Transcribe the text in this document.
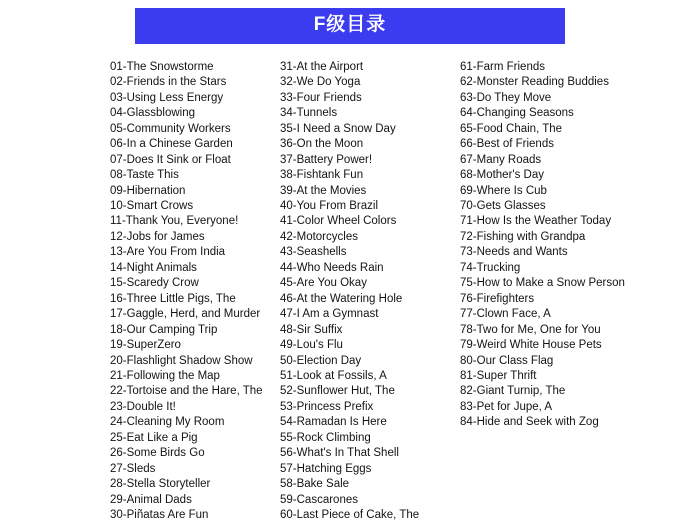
F级目录
01-The Snowstorme
02-Friends in the Stars
03-Using Less Energy
04-Glassblowing
05-Community Workers
06-In a Chinese Garden
07-Does It Sink or Float
08-Taste This
09-Hibernation
10-Smart Crows
11-Thank You, Everyone!
12-Jobs for James
13-Are You From India
14-Night Animals
15-Scaredy Crow
16-Three Little Pigs, The
17-Gaggle, Herd, and Murder
18-Our Camping Trip
19-SuperZero
20-Flashlight Shadow Show
21-Following the Map
22-Tortoise and the Hare, The
23-Double It!
24-Cleaning My Room
25-Eat Like a Pig
26-Some Birds Go
27-Sleds
28-Stella Storyteller
29-Animal Dads
30-Piñatas Are Fun
31-At the Airport
32-We Do Yoga
33-Four Friends
34-Tunnels
35-I Need a Snow Day
36-On the Moon
37-Battery Power!
38-Fishtank Fun
39-At the Movies
40-You From Brazil
41-Color Wheel Colors
42-Motorcycles
43-Seashells
44-Who Needs Rain
45-Are You Okay
46-At the Watering Hole
47-I Am a Gymnast
48-Sir Suffix
49-Lou's Flu
50-Election Day
51-Look at Fossils, A
52-Sunflower Hut, The
53-Princess Prefix
54-Ramadan Is Here
55-Rock Climbing
56-What's In That Shell
57-Hatching Eggs
58-Bake Sale
59-Cascarones
60-Last Piece of Cake, The
61-Farm Friends
62-Monster Reading Buddies
63-Do They Move
64-Changing Seasons
65-Food Chain, The
66-Best of Friends
67-Many Roads
68-Mother's Day
69-Where Is Cub
70-Gets Glasses
71-How Is the Weather Today
72-Fishing with Grandpa
73-Needs and Wants
74-Trucking
75-How to Make a Snow Person
76-Firefighters
77-Clown Face, A
78-Two for Me, One for You
79-Weird White House Pets
80-Our Class Flag
81-Super Thrift
82-Giant Turnip, The
83-Pet for Jupe, A
84-Hide and Seek with Zog
